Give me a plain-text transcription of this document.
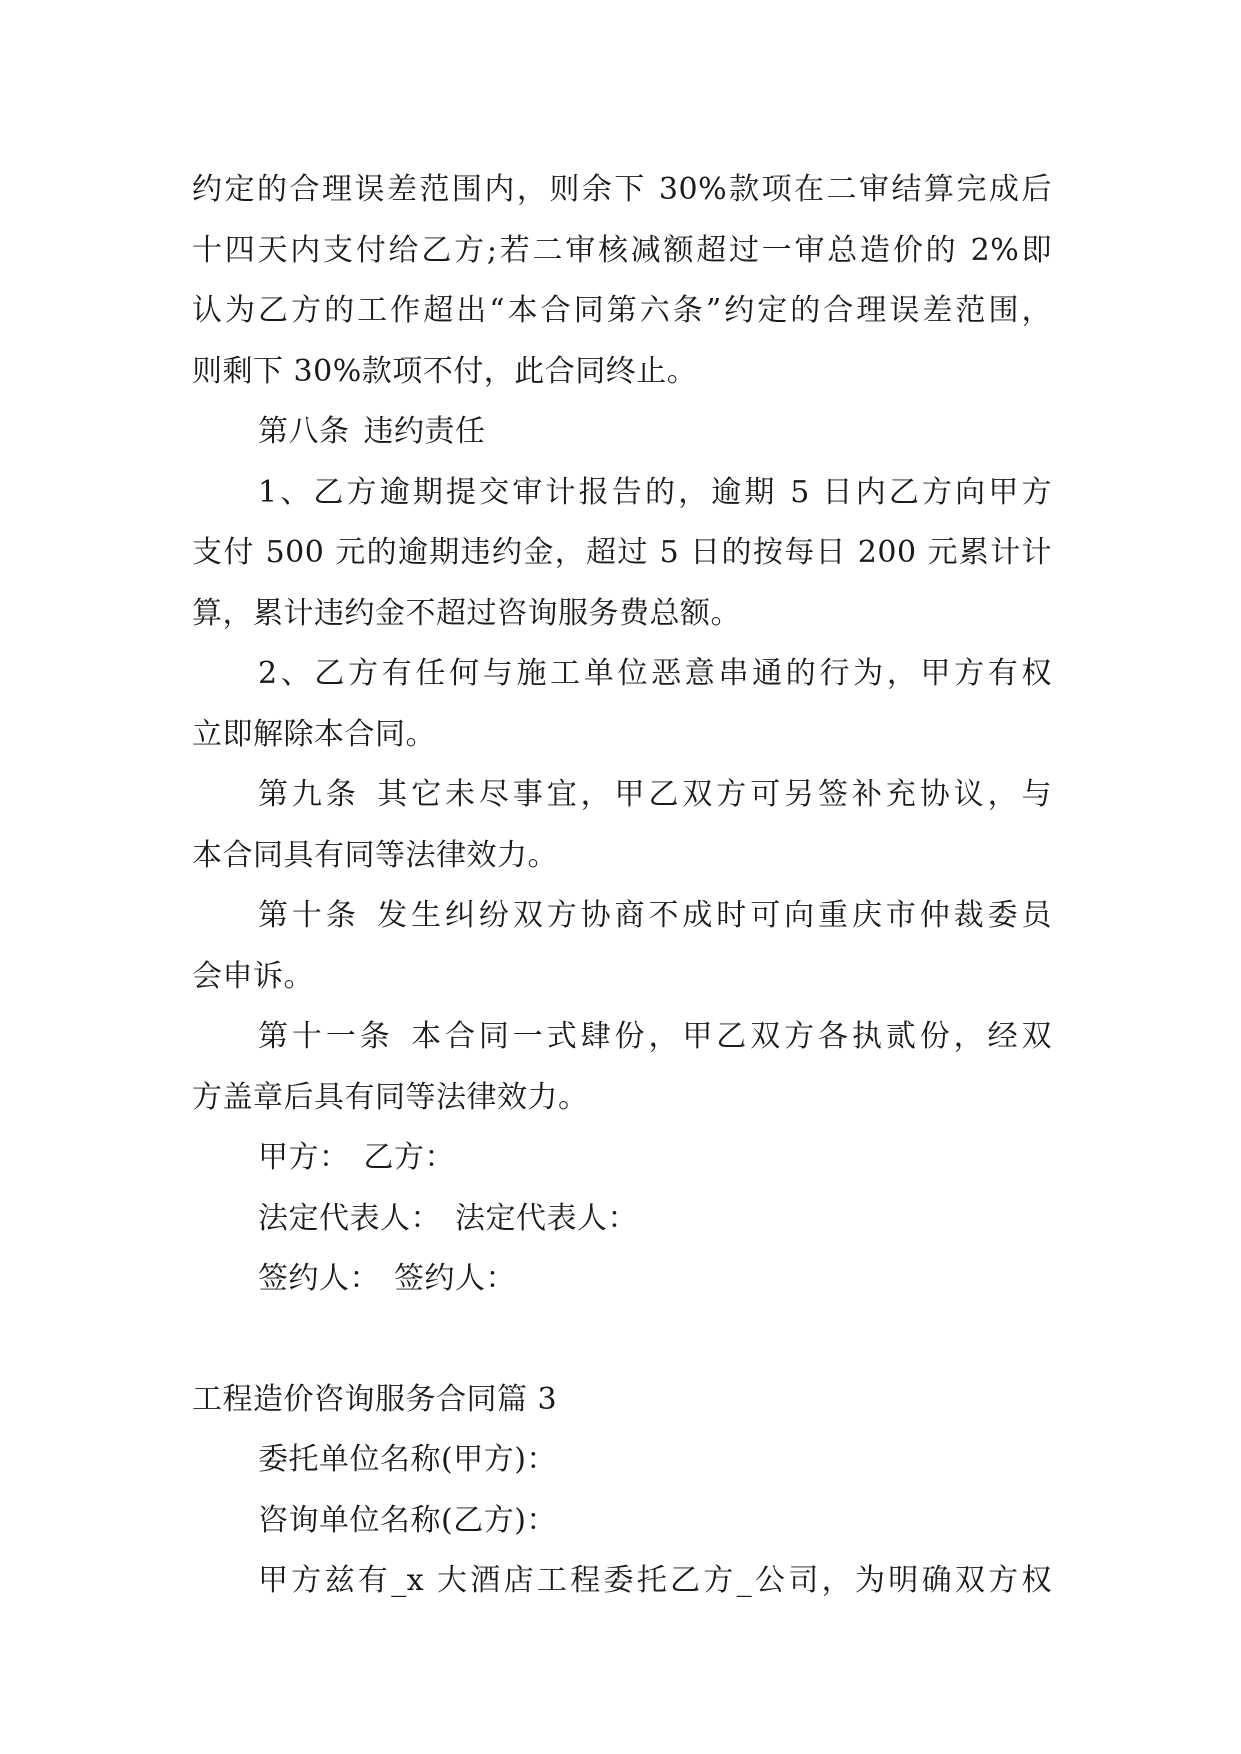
约定的合理误差范围内，则余下 30%款项在二审结算完成后
十四天内支付给乙方;若二审核减额超过一审总造价的 2%即
认为乙方的工作超出“本合同第六条”约定的合理误差范围，
则剩下 30%款项不付，此合同终止。
第八条 违约责任
1、乙方逾期提交审计报告的，逾期 5 日内乙方向甲方
支付 500 元的逾期违约金，超过 5 日的按每日 200 元累计计
算，累计违约金不超过咨询服务费总额。
2、乙方有任何与施工单位恶意串通的行为，甲方有权
立即解除本合同。
第九条 其它未尽事宜，甲乙双方可另签补充协议，与
本合同具有同等法律效力。
第十条 发生纠纷双方协商不成时可向重庆市仲裁委员
会申诉。
第十一条 本合同一式肆份，甲乙双方各执贰份，经双
方盖章后具有同等法律效力。
甲方： 乙方：
法定代表人： 法定代表人：
签约人： 签约人：
工程造价咨询服务合同篇 3
委托单位名称(甲方)：
咨询单位名称(乙方)：
甲方兹有_x 大酒店工程委托乙方_公司，为明确双方权
